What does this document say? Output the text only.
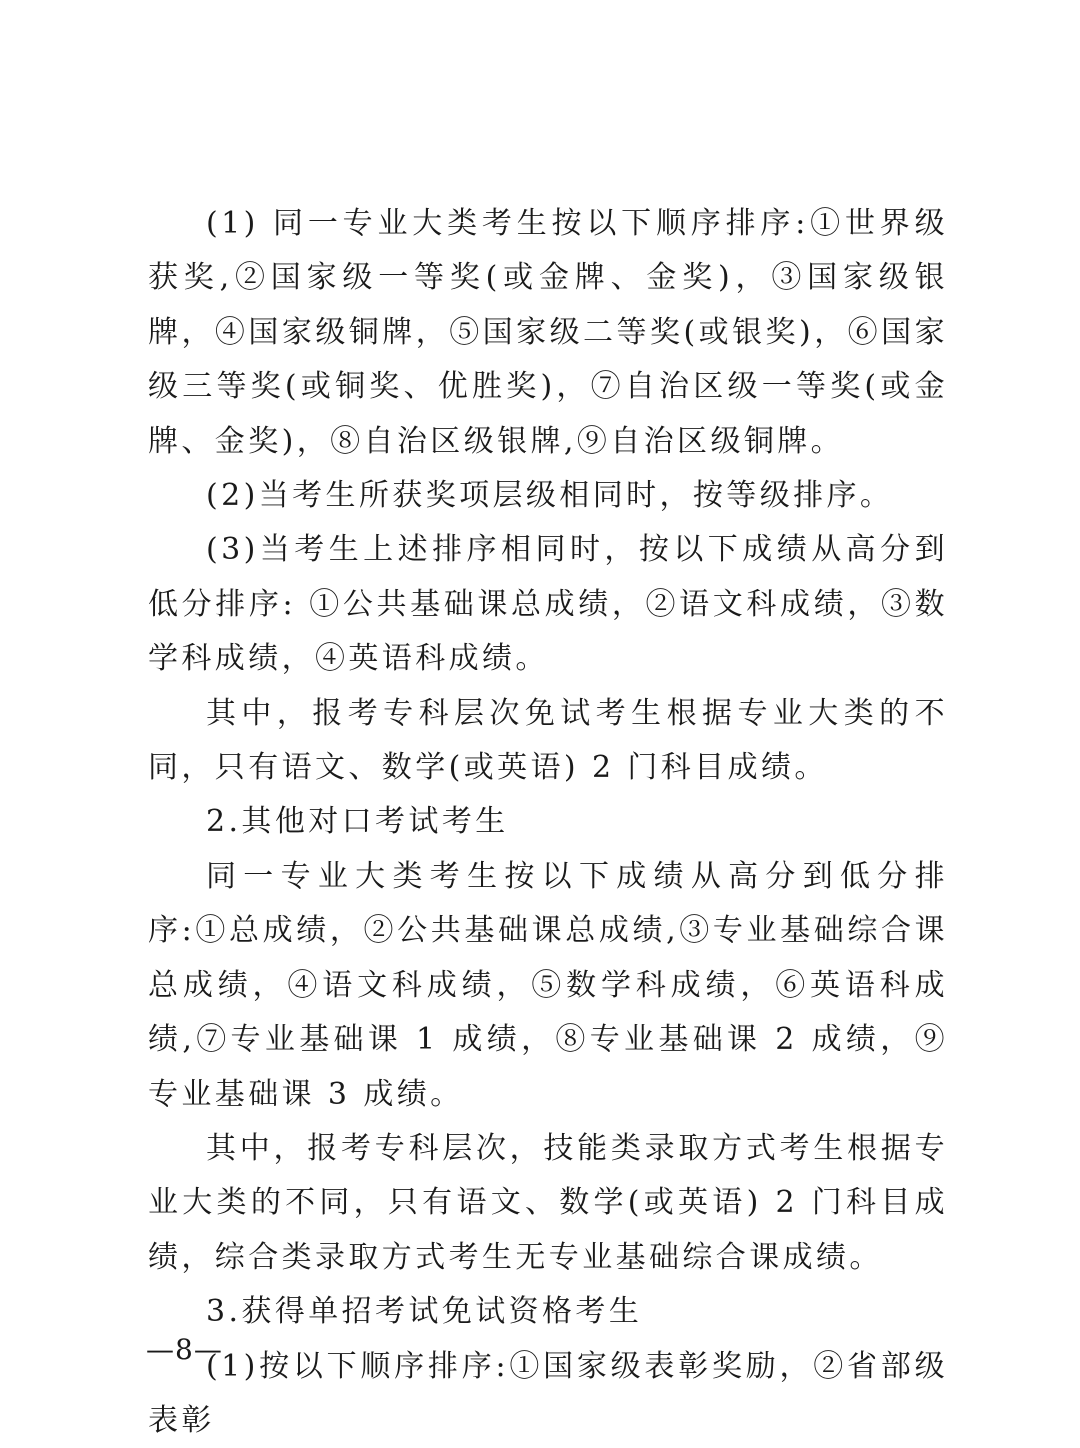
(1) 同一专业大类考生按以下顺序排序:①世界级获奖,②国家级一等奖(或金牌、金奖)，③国家级银牌，④国家级铜牌，⑤国家级二等奖(或银奖)，⑥国家级三等奖(或铜奖、优胜奖)，⑦自治区级一等奖(或金牌、金奖)，⑧自治区级银牌,⑨自治区级铜牌。

(2)当考生所获奖项层级相同时，按等级排序。

(3)当考生上述排序相同时，按以下成绩从高分到低分排序: ①公共基础课总成绩，②语文科成绩，③数学科成绩，④英语科成绩。

其中，报考专科层次免试考生根据专业大类的不同，只有语文、数学(或英语) 2 门科目成绩。

2.其他对口考试考生

同一专业大类考生按以下成绩从高分到低分排序:①总成绩，②公共基础课总成绩,③专业基础综合课总成绩，④语文科成绩，⑤数学科成绩，⑥英语科成绩,⑦专业基础课 1 成绩，⑧专业基础课 2 成绩，⑨专业基础课 3 成绩。

其中，报考专科层次，技能类录取方式考生根据专业大类的不同，只有语文、数学(或英语) 2 门科目成绩，综合类录取方式考生无专业基础综合课成绩。

3.获得单招考试免试资格考生

(1)按以下顺序排序:①国家级表彰奖励，②省部级表彰

—8—
